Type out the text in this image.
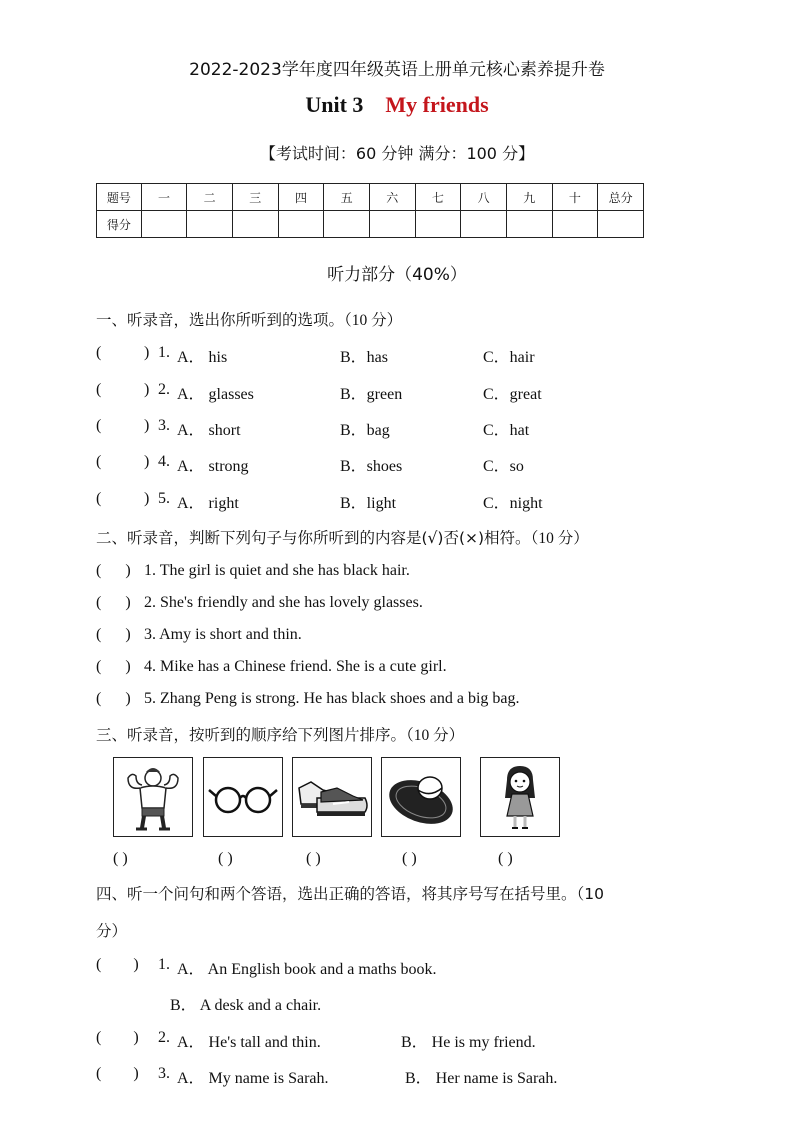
2022-2023学年度四年级英语上册单元核心素养提升卷
Unit 3 My friends
【考试时间：60 分钟 满分：100 分】
题号	一	二	三	四	五	六	七	八	九	十	总分
得分											
听力部分（40%）
一、听录音，选出你所听到的选项。（10 分）
(	) 1. A． his	B．has	C．hair
(	) 2. A． glasses	B．green	C．great
(	) 3. A． short	B．bag	C．hat
(	) 4. A． strong	B．shoes	C．so
(	) 5. A． right	B．light	C．night
二、听录音，判断下列句子与你所听到的内容是(√)否(×)相符。（10 分）
(      ) 1. The girl is quiet and she has black hair.
(      ) 2. She's friendly and she has lovely glasses.
(      ) 3. Amy is short and thin.
(      ) 4. Mike has a Chinese friend. She is a cute girl.
(      ) 5. Zhang Peng is strong. He has black shoes and a big bag.
三、听录音，按听到的顺序给下列图片排序。（10 分）
( )	( )	( )	( )	( )
四、听一个问句和两个答语，选出正确的答语，将其序号写在括号里。（10
分）
(        ) 1. A． An English book and a maths book.
B． A desk and a chair.
(        ) 2. A． He's tall and thin.	B． He is my friend.
(        ) 3. A． My name is Sarah.	B． Her name is Sarah.
